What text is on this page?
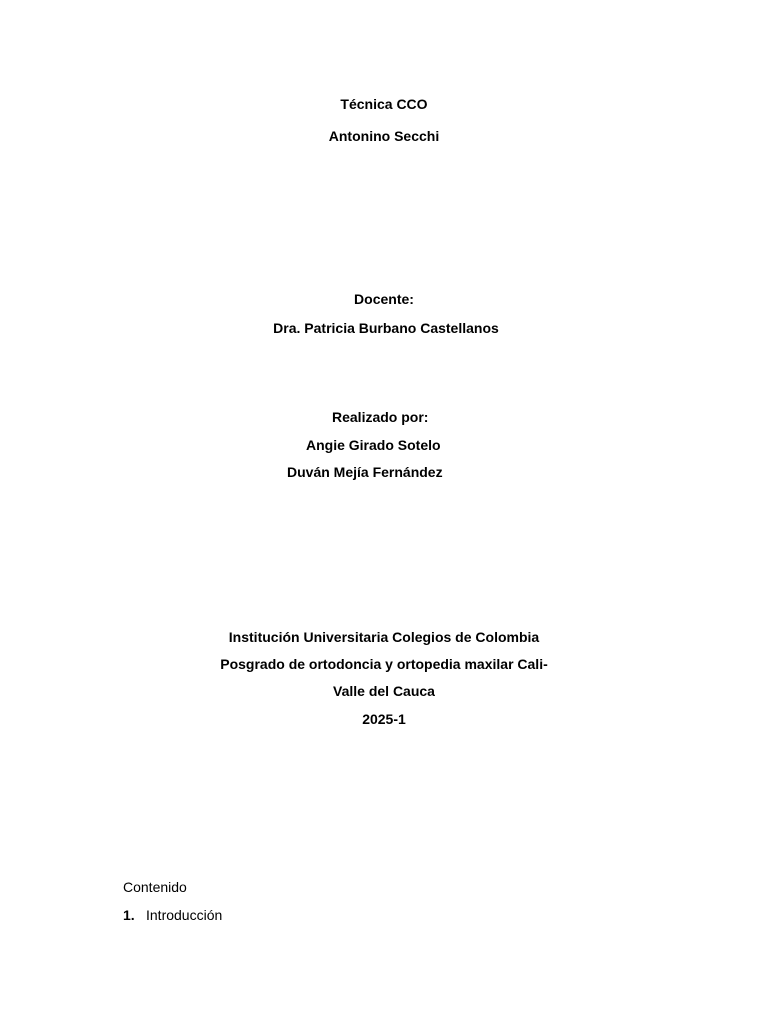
Técnica CCO
Antonino Secchi
Docente:
Dra. Patricia Burbano Castellanos
Realizado por:
Angie Girado Sotelo
Duván Mejía Fernández
Institución Universitaria Colegios de Colombia
Posgrado de ortodoncia y ortopedia maxilar Cali-
Valle del Cauca
2025-1
Contenido
1. Introducción
